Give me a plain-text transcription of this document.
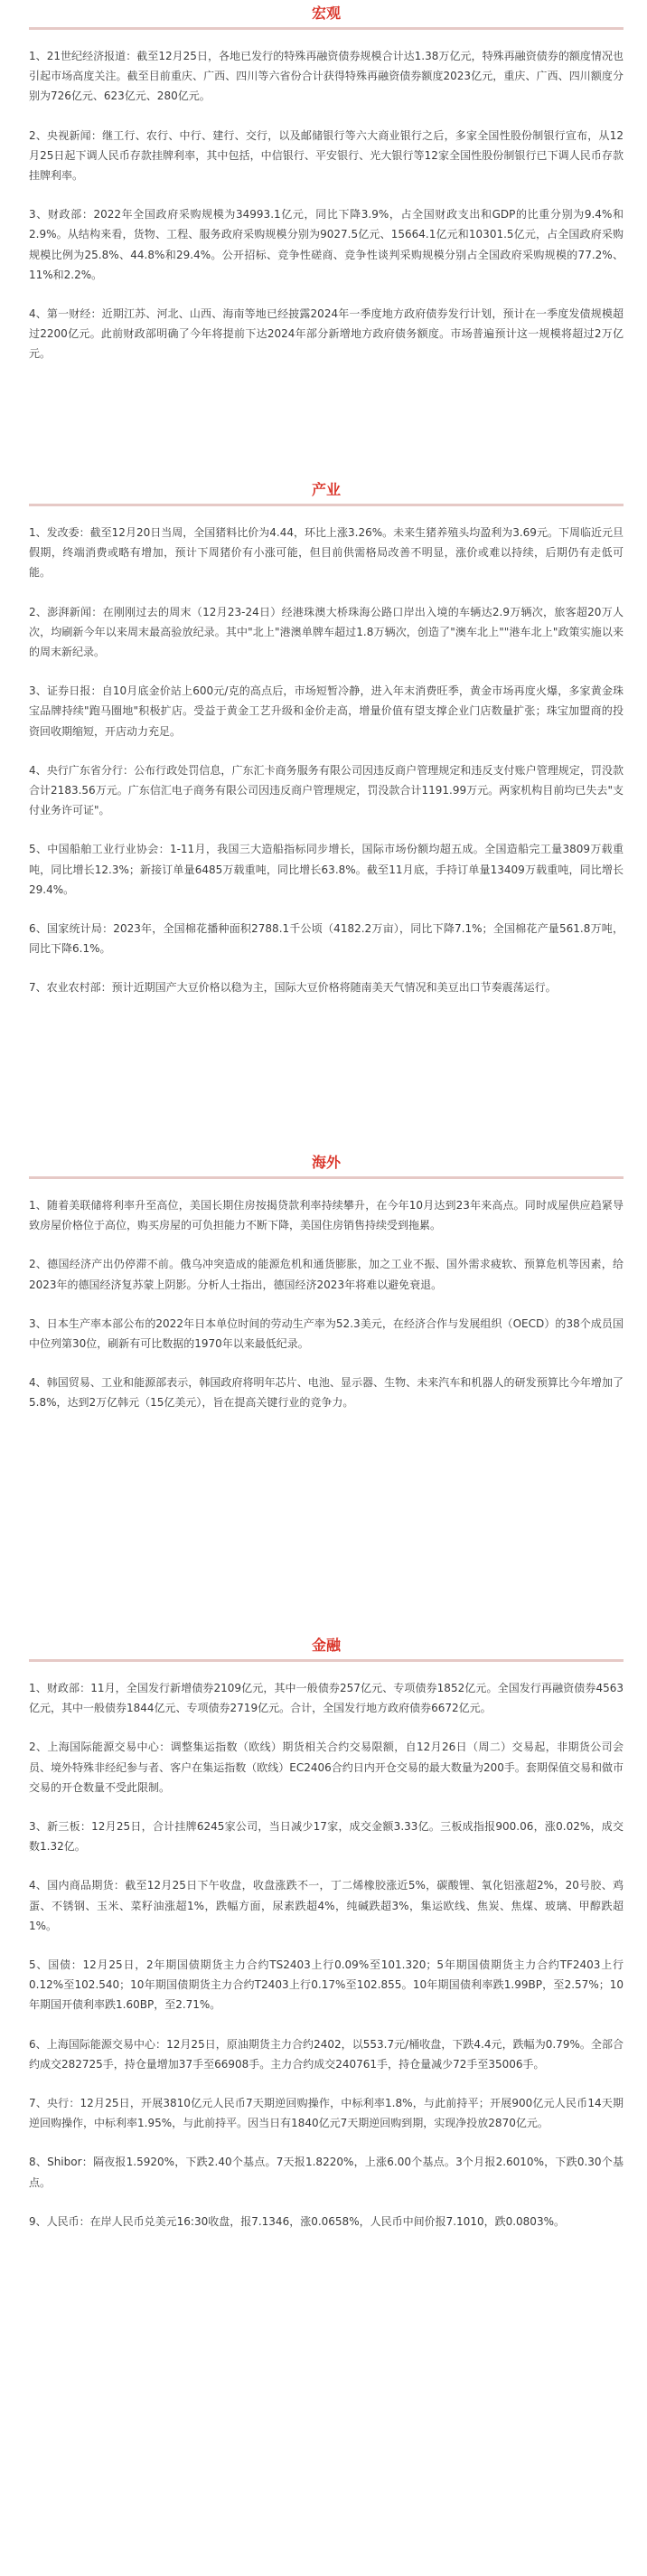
宏观

1、21世纪经济报道：截至12月25日，各地已发行的特殊再融资债券规模合计达1.38万亿元，特殊再融资债券的额度情况也引起市场高度关注。截至目前重庆、广西、四川等六省份合计获得特殊再融资债券额度2023亿元，重庆、广西、四川额度分别为726亿元、623亿元、280亿元。

2、央视新闻：继工行、农行、中行、建行、交行，以及邮储银行等六大商业银行之后，多家全国性股份制银行宣布，从12月25日起下调人民币存款挂牌利率，其中包括，中信银行、平安银行、光大银行等12家全国性股份制银行已下调人民币存款挂牌利率。

3、财政部：2022年全国政府采购规模为34993.1亿元，同比下降3.9%，占全国财政支出和GDP的比重分别为9.4%和2.9%。从结构来看，货物、工程、服务政府采购规模分别为9027.5亿元、15664.1亿元和10301.5亿元，占全国政府采购规模比例为25.8%、44.8%和29.4%。公开招标、竞争性磋商、竞争性谈判采购规模分别占全国政府采购规模的77.2%、11%和2.2%。

4、第一财经：近期江苏、河北、山西、海南等地已经披露2024年一季度地方政府债券发行计划，预计在一季度发债规模超过2200亿元。此前财政部明确了今年将提前下达2024年部分新增地方政府债务额度。市场普遍预计这一规模将超过2万亿元。

产业

1、发改委：截至12月20日当周，全国猪料比价为4.44，环比上涨3.26%。未来生猪养殖头均盈利为3.69元。下周临近元旦假期，终端消费或略有增加，预计下周猪价有小涨可能，但目前供需格局改善不明显，涨价或难以持续，后期仍有走低可能。

2、澎湃新闻：在刚刚过去的周末（12月23-24日）经港珠澳大桥珠海公路口岸出入境的车辆达2.9万辆次，旅客超20万人次，均刷新今年以来周末最高验放纪录。其中"北上"港澳单牌车超过1.8万辆次，创造了"澳车北上""港车北上"政策实施以来的周末新纪录。

3、证券日报：自10月底金价站上600元/克的高点后，市场短暂冷静，进入年末消费旺季，黄金市场再度火爆，多家黄金珠宝品牌持续"跑马圈地"积极扩店。受益于黄金工艺升级和金价走高，增量价值有望支撑企业门店数量扩张；珠宝加盟商的投资回收期缩短，开店动力充足。

4、央行广东省分行：公布行政处罚信息，广东汇卡商务服务有限公司因违反商户管理规定和违反支付账户管理规定，罚没款合计2183.56万元。广东信汇电子商务有限公司因违反商户管理规定，罚没款合计1191.99万元。两家机构目前均已失去"支付业务许可证"。

5、中国船舶工业行业协会：1-11月，我国三大造船指标同步增长，国际市场份额均超五成。全国造船完工量3809万载重吨，同比增长12.3%；新接订单量6485万载重吨，同比增长63.8%。截至11月底，手持订单量13409万载重吨，同比增长29.4%。

6、国家统计局：2023年，全国棉花播种面积2788.1千公顷（4182.2万亩），同比下降7.1%；全国棉花产量561.8万吨，同比下降6.1%。

7、农业农村部：预计近期国产大豆价格以稳为主，国际大豆价格将随南美天气情况和美豆出口节奏震荡运行。

海外

1、随着美联储将利率升至高位，美国长期住房按揭贷款利率持续攀升，在今年10月达到23年来高点。同时成屋供应趋紧导致房屋价格位于高位，购买房屋的可负担能力不断下降，美国住房销售持续受到拖累。

2、德国经济产出仍停滞不前。俄乌冲突造成的能源危机和通货膨胀，加之工业不振、国外需求疲软、预算危机等因素，给2023年的德国经济复苏蒙上阴影。分析人士指出，德国经济2023年将难以避免衰退。

3、日本生产率本部公布的2022年日本单位时间的劳动生产率为52.3美元，在经济合作与发展组织（OECD）的38个成员国中位列第30位，刷新有可比数据的1970年以来最低纪录。

4、韩国贸易、工业和能源部表示，韩国政府将明年芯片、电池、显示器、生物、未来汽车和机器人的研发预算比今年增加了5.8%，达到2万亿韩元（15亿美元），旨在提高关键行业的竞争力。

金融

1、财政部：11月，全国发行新增债券2109亿元，其中一般债券257亿元、专项债券1852亿元。全国发行再融资债券4563亿元，其中一般债券1844亿元、专项债券2719亿元。合计，全国发行地方政府债券6672亿元。

2、上海国际能源交易中心：调整集运指数（欧线）期货相关合约交易限额，自12月26日（周二）交易起，非期货公司会员、境外特殊非经纪参与者、客户在集运指数（欧线）EC2406合约日内开仓交易的最大数量为200手。套期保值交易和做市交易的开仓数量不受此限制。

3、新三板：12月25日，合计挂牌6245家公司，当日减少17家，成交金额3.33亿。三板成指报900.06，涨0.02%，成交数1.32亿。

4、国内商品期货：截至12月25日下午收盘，收盘涨跌不一，丁二烯橡胶涨近5%，碳酸锂、氧化铝涨超2%，20号胶、鸡蛋、不锈钢、玉米、菜籽油涨超1%，跌幅方面，尿素跌超4%，纯碱跌超3%，集运欧线、焦炭、焦煤、玻璃、甲醇跌超1%。

5、国债：12月25日，2年期国债期货主力合约TS2403上行0.09%至101.320；5年期国债期货主力合约TF2403上行0.12%至102.540；10年期国债期货主力合约T2403上行0.17%至102.855。10年期国债利率跌1.99BP，至2.57%；10年期国开债利率跌1.60BP，至2.71%。

6、上海国际能源交易中心：12月25日，原油期货主力合约2402，以553.7元/桶收盘，下跌4.4元，跌幅为0.79%。全部合约成交282725手，持仓量增加37手至66908手。主力合约成交240761手，持仓量减少72手至35006手。

7、央行：12月25日，开展3810亿元人民币7天期逆回购操作，中标利率1.8%，与此前持平；开展900亿元人民币14天期逆回购操作，中标利率1.95%，与此前持平。因当日有1840亿元7天期逆回购到期，实现净投放2870亿元。

8、Shibor：隔夜报1.5920%，下跌2.40个基点。7天报1.8220%，上涨6.00个基点。3个月报2.6010%，下跌0.30个基点。

9、人民币：在岸人民币兑美元16:30收盘，报7.1346，涨0.0658%，人民币中间价报7.1010，跌0.0803%。
